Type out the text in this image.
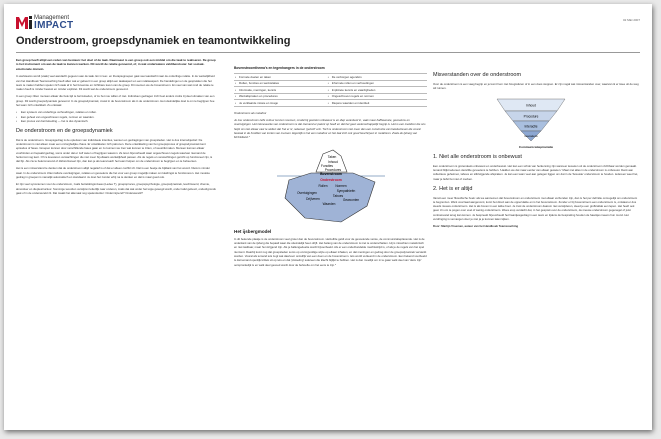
Management
IMPACT	02 MEI 2007
Onderstroom, groepsdynamiek en teamontwikkeling

Een groep heeft altijd een reden van bestaan: het doel of de taak. Daarnaast is een groep ook een middel om die taak te realiseren. De groep is het instrument om aan de taak te kunnen werken. Dit wordt de relatie genoemd, of, in wat onderwatere valdiberetouw: het sociaal-emotionele domein.

In werkteams wordt (vaak) veel aandacht gegeven aan de taak. En in leer- en therapiegroepen gaat veel aandacht naar de onderlinge relatie. In de werkelijkheid van het Handboek Teamcoaching heeft allen wat er gebeurt in een groep altijd een taakaspect en een relatieaspect. De handelingen en de gesprekken die het team te maken hebben spelen zich vaak af in het bovenste en zichtbare leven van de groep. Dit noemen we de bovenstroom. En veel van wat rond de relatie te maken heeft is minder bewust en minder expliciet. Dit wordt wel de onderstroom genoemd.

In een groep zitten mensen elkaar die hele tijd te beïnvloeden, of ze het nou willen of niet. Individuen gedragen zich heel anders zodra zij deel uitmaken van een groep. Dit wordt groepsdynamiek genoemd. In de groepsdynamiek, zowel in de bovenstroom als in de onderstroom. Het uiteindelijke doel is om te begrijpen hoe het team zich ontwikkelt. Zo ontstaat:

• Een systeem van onderlinge verhoudingen, relaties en rollen.
• Een geheel van ongeschreven regels, normen en waarden.
• Een proces van beïnvloeding — het is dus dynamisch.
De onderstroom en de groepsdynamiek

Dat is de onderstroom. Groepsgedrag is de optelsom van individuele intenties, wensen en gedragingen van groepsleden. Het is dus intersubjectief. De onderstroom is niet alleen maar een onzorgbelijke chaos. Er ontwikkelen zich patronen. Deze ontwikkeling van het groepsproces of groepsdynamiek kent episodes of fases. Groepen kunnen door verschillende fases gaan en zo kunnen we zien wat kunnen te zitten, of veestrikt raken. Mensen kunnen elkaar voorbinden en bepaald gedrag, soms onder dat er zelf weten of begrijpen waarom. Ze leren bijvoorbeeld waar ongeschreven regels waarvan niemand de herkomst nog kent. Of ze koesteren verwachtingen die niet meer bij elkaars werkelijkheid passen. Als de regels en verwachtingen gericht op functioneel zijn, is dat fijn. Als zie te belemmerend of disfunctioneel zijn, dan kan je als teamcoach het team helpen om de onderstroom te begrijpen en te beheersen.

Het is een misverstand te denken dat de onderstroom altijd negatief is of dat er alleen conflict zit. Dat is een beetje de bijklank van het woord. Niets is minder waar. In de onderstroom zitten talloze overtuigingen, relaties en gevoelens die het voor een groep mogelijk maken om kleidingst te functioneren. Het mooiste gedrag in groepen is namelijk automatisch en standaard. Je doet het zonder erbij na te denken en dat is maar goed ook.

Er zijn veel synoniemen voor de onderstroom, zoals betrekkingsniveau (Ledee T), groepsproces, groepspsychologie, groepsdynamiek, leuchtwoord, chemie, atmosfeer en dieptestructuur. Sommige woorden verwijzen letterlijk naar onderen, zoals dat wat onder het topje gewogd wordt, onder tafel gebeurt, onderdgronds gaat of in de onderwereld zit. Dat maakt het allemaal nog spelenderder: Ondermijnend? Onderwereld?

Bovenstroomthema's en tegenhangers in de onderstroom
• Formele doelen en taken	• De verborgen agenda's
• Rollen, functies en werkrelaties	• Informele rollen en verhoudingen
• Informatie, meningen, kennis	• Impliciete kennis en vaardigheden
• Werkafspraken en procedures	• Ongeschreven regels en normen
• Je verklaarde missie en imago	• Diepere waarden en identiteit

Onderstroom als metafoor

Je zou onderstroom zelfs cultuur kunnen noemen, omdat bij gesloten onbewust is en diep verankerd in, vaak maar halfbewuste, gevoelens en overtuigingen. Het interessante van onderstroom is dat niemand er patent op heeft en dat het geen wetenschappelijk begrip is. Het is een metafoor die ons helpt om niet elkaar vast te stellen dat 'het er is', iedereen 'gelooft' erin. Toch is onderstroom niet meer dan een constructie van betekenissen die vooral bestaat in de hoofden van korten van mensen. Eigenlijk is het een metafoor en het laat zich ook goed beschrijven in metaforen. Zoals de ijsberg van McClelland.*

Taken
Inhoud
Functies
Procedures
Bovenstroom
Onderstroom
Rollen Normen
Sympathieën
Overtuigingen
Drijfveren
Taboes
Waarden
Gewoonten
Het ijsbergmodel

In dit bekende plaatje is de onderstroom veel groter dan de bovenstroom. Hetzelfde geldt voor de gevoelende versie, de communicatieplanende. Het is de onderkant van de ijsberg die bepaalt waar die uiteindelijk heen drijft. Het belang van de onderstroom is niet te onderschatten. Hij is misschien metaforisch en niet tastbaar, maar hun krijgend zijn. Als je ballengedeelte wordt bijvoorbeeld. Als er een onderhandelde machtsstrijd is, of als je de regels van het spel niet kent. Daarbij komt nog dat groepsleden soms op onzorgvuldige wijze op elkaar inhaken, en dat meningen en gedrag door de groepsdynamiek versterkt worden. Vooral als iemand iets zegt wat daarvoor onzeifijk van een doen en de bovenstroom. Iets wordt verkeerd in de onderstroom. Een bekend voorbeeld is dat iemand openlijk kritiek uit op iets en dat 'plotseling' iedereen die klacht bijlijkt te hebben. Het is dan moeilijk om in te gaan welk deel van 'deze zijn' oorspronkelijk is en welk deel gevoed wordt door de behoefte om het eens te zijn.*

Misverstanden over de onderstroom

Over de onderstroom is een vaag begrip en je komt hem niet fotograferen of in een doos stoppen. Er zijn nogal wat misverstanden over, waarvan ik er twee uit de weg wil ruimen.

Inhoud
Procedure
Interactie
Gevoelens

Communicatiepiramide

1. Niet alle onderstroom is onbewust

Een onderstroom is grotendeels onbewust en onderbewust. Het kan een schok van herkenning zijn wanneer leveelen uit de onderstroom zichtbaar worden gemaakt. Iemand blijkt iedereen dezelfde gevoelens te hebben. 'Hadden we dat maar eerder van elkaar geweten.' Maar niet alles in de onderstroom is onbewust. Denk aan collectieve geheimen, taboes en stilzwijgende afspraken. Je kan een team veel aan gelegen liggen om dat in de 'bewuste' onderstroom te houden. Iedereen weet het, maar je liefst het niet of merken.

2. Het is er altijd

Vanuit een meer filosofische hoek: als we aannemen dat bovenstroom en onderstroom met elkaar verbonden zijn, dan is het per definitie onmogelijk om onderstroom te begrenzen. Want voorzaad aangenomt, komt het direct aan de oppervlakte en is het bovenstroom. Zonder er bij bovenstroom een onderstroom is, ontstaat er dus steeds nieuwe onderstroom. Het is als boven in een lekke boot. Je trust de onderstroom daarom niet verwijderen, sleed je een grofkrabak een lepen. Het heeft ook geen zin om te pogen over veel of weinig onderstroom. Wees erop verdacht dat, in het gesprek over de onderstroom, de nieuwe onderstroom gegenegel of juist contramestel terug kan komen. Je bespreekt bijvoorbeeld het haantjesgedrag in een team en tijdens de bespreking houden de haantjes ineens hun mond. Het verdringing is vervangen door je niet ja je kunnen laten kijken.

Door: Martijn Vroemen, auteur van het Handboek Teamcoaching
